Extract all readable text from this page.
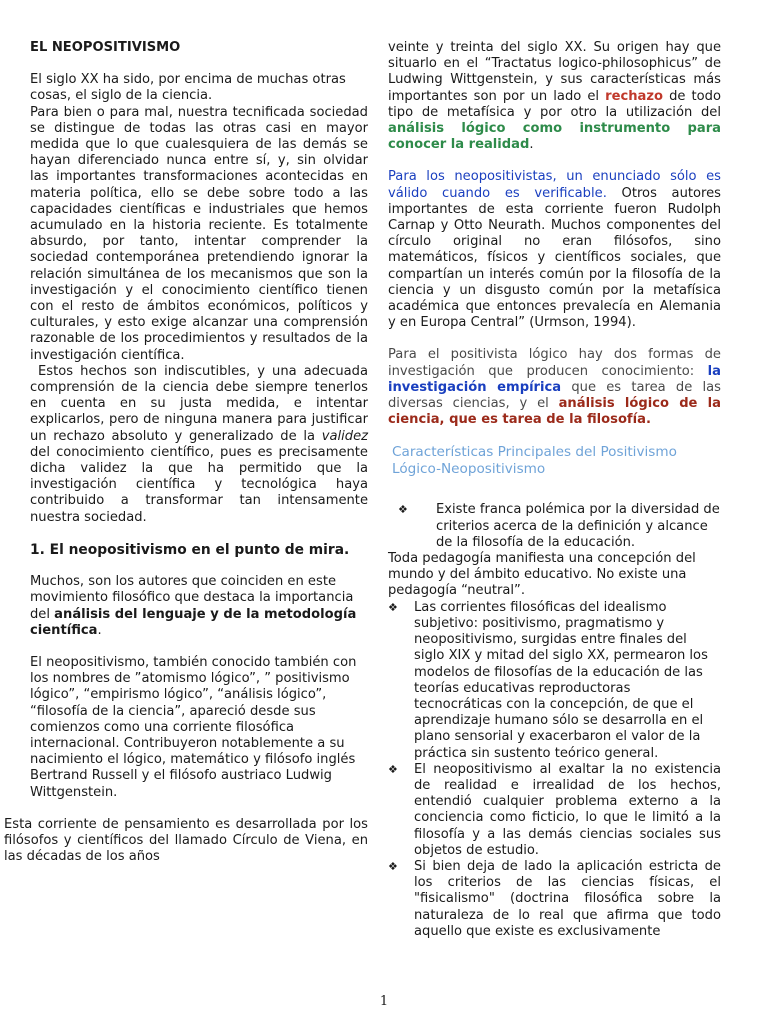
EL NEOPOSITIVISMO

El siglo XX ha sido, por encima de muchas otras cosas, el siglo de la ciencia.

Para bien o para mal, nuestra tecnificada sociedad se distingue de todas las otras casi en mayor medida que lo que cualesquiera de las demás se hayan diferenciado nunca entre sí, y, sin olvidar las importantes transformaciones acontecidas en materia política, ello se debe sobre todo a las capacidades científicas e industriales que hemos acumulado en la historia reciente. Es totalmente absurdo, por tanto, intentar comprender la sociedad contemporánea pretendiendo ignorar la relación simultánea de los mecanismos que son la investigación y el conocimiento científico tienen con el resto de ámbitos económicos, políticos y culturales, y esto exige alcanzar una comprensión razonable de los procedimientos y resultados de la investigación científica.

Estos hechos son indiscutibles, y una adecuada comprensión de la ciencia debe siempre tenerlos en cuenta en su justa medida, e intentar explicarlos, pero de ninguna manera para justificar un rechazo absoluto y generalizado de la validez del conocimiento científico, pues es precisamente dicha validez la que ha permitido que la investigación científica y tecnológica haya contribuido a transformar tan intensamente nuestra sociedad.

1. El neopositivismo en el punto de mira.

Muchos, son los autores que coinciden en este movimiento filosófico que destaca la importancia del análisis del lenguaje y de la metodología científica.

El neopositivismo, también conocido también con los nombres de ”atomismo lógico”, ” positivismo lógico”, “empirismo lógico”, “análisis lógico”, “filosofía de la ciencia”, apareció desde sus comienzos como una corriente filosófica internacional. Contribuyeron notablemente a su nacimiento el lógico, matemático y filósofo inglés Bertrand Russell y el filósofo austriaco Ludwig Wittgenstein.

Esta corriente de pensamiento es desarrollada por los filósofos y científicos del llamado Círculo de Viena, en las décadas de los años

veinte y treinta del siglo XX. Su origen hay que situarlo en el “Tractatus logico-philosophicus” de Ludwing Wittgenstein, y sus características más importantes son por un lado el rechazo de todo tipo de metafísica y por otro la utilización del análisis lógico como instrumento para conocer la realidad.

Para los neopositivistas, un enunciado sólo es válido cuando es verificable. Otros autores importantes de esta corriente fueron Rudolph Carnap y Otto Neurath. Muchos componentes del círculo original no eran filósofos, sino matemáticos, físicos y científicos sociales, que compartían un interés común por la filosofía de la ciencia y un disgusto común por la metafísica académica que entonces prevalecía en Alemania y en Europa Central” (Urmson, 1994).

Para el positivista lógico hay dos formas de investigación que producen conocimiento: la investigación empírica que es tarea de las diversas ciencias, y el análisis lógico de la ciencia, que es tarea de la filosofía.

Características Principales del Positivismo Lógico-Neopositivismo

❖	Existe franca polémica por la diversidad de criterios acerca de la definición y alcance de la filosofía de la educación.

Toda pedagogía manifiesta una concepción del mundo y del ámbito educativo. No existe una pedagogía “neutral”.

❖	Las corrientes filosóficas del idealismo subjetivo: positivismo, pragmatismo y neopositivismo, surgidas entre finales del siglo XIX y mitad del siglo XX, permearon los modelos de filosofías de la educación de las teorías educativas reproductoras tecnocráticas con la concepción, de que el aprendizaje humano sólo se desarrolla en el plano sensorial y exacerbaron el valor de la práctica sin sustento teórico general.
❖	El neopositivismo al exaltar la no existencia de realidad e irrealidad de los hechos, entendió cualquier problema externo a la conciencia como ficticio, lo que le limitó a la filosofía y a las demás ciencias sociales sus objetos de estudio.
❖	Si bien deja de lado la aplicación estricta de los criterios de las ciencias físicas, el "fisicalismo" (doctrina filosófica sobre la naturaleza de lo real que afirma que todo aquello que existe es exclusivamente
1
